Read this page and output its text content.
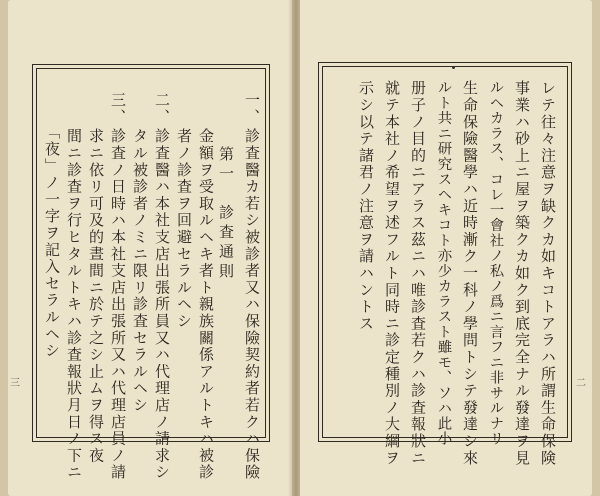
第一　診査通則
一、
診査醫カ若シ被診者又ハ保險契約者若クハ保險
金額ヲ受取ルヘキ者ト親族關係アルトキハ被診
者ノ診査ヲ回避セラルヘシ
二、
診査醫ハ本社支店出張所員又ハ代理店ノ請求シ
タル被診者ノミニ限リ診査セラルヘシ
三、
診査ノ日時ハ本社支店出張所又ハ代理店員ノ請
求ニ依リ可及的晝間ニ於テ之シ止ムヲ得ス夜
間ニ診査ヲ行ヒタルトキハ診査報狀月日ノ下ニ
「夜」ノ一字ヲ記入セラルヘシ
三	レテ往々注意ヲ缺クカ如キコトアラハ所謂生命保険
事業ハ砂上ニ屋ヲ築クカ如ク到底完全ナル發達ヲ見
ルヘカラス、コレ一會社ノ私ノ爲ニ言フニ非サルナリ
生命保險醫學ハ近時漸ク一科ノ學問トシテ發達シ來
ルト共ニ研究スヘキコト亦少カラスト雖モ、ソハ此小
册子ノ目的ニアラス茲ニハ唯診査若クハ診査報狀ニ
就テ本社ノ希望ヲ述フルト同時ニ診定種別ノ大綱ヲ
示シ以テ諸君ノ注意ヲ請ハントス
二
